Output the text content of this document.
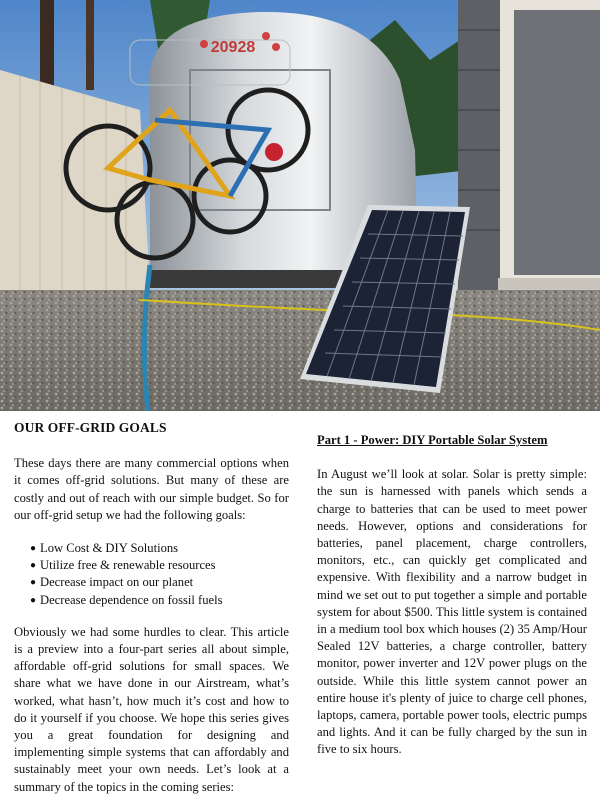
20928
OUR OFF-GRID GOALS

These days there are many commercial options when it comes off-grid solutions. But many of these are costly and out of reach with our simple budget. So for our off-grid setup we had the following goals:

● Low Cost & DIY Solutions
● Utilize free & renewable resources
● Decrease impact on our planet
● Decrease dependence on fossil fuels

Obviously we had some hurdles to clear. This article is a preview into a four-part series all about simple, affordable off-grid solutions for small spaces. We share what we have done in our Airstream, what’s worked, what hasn’t, how much it’s cost and how to do it yourself if you choose. We hope this series gives you a great foundation for designing and implementing simple systems that can affordably and sustainably meet your own needs. Let’s look at a summary of the topics in the coming series:

Part 1 - Power: DIY Portable Solar System

In August we’ll look at solar. Solar is pretty simple: the sun is harnessed with panels which sends a charge to batteries that can be used to meet power needs. However, options and considerations for batteries, panel placement, charge controllers, monitors, etc., can quickly get complicated and expensive. With flexibility and a narrow budget in mind we set out to put together a simple and portable system for about $500. This little system is contained in a medium tool box which houses (2) 35 Amp/Hour Sealed 12V batteries, a charge controller, battery monitor, power inverter and 12V power plugs on the outside. While this little system cannot power an entire house it's plenty of juice to charge cell phones, laptops, camera, portable power tools, electric pumps and lights. And it can be fully charged by the sun in five to six hours.
